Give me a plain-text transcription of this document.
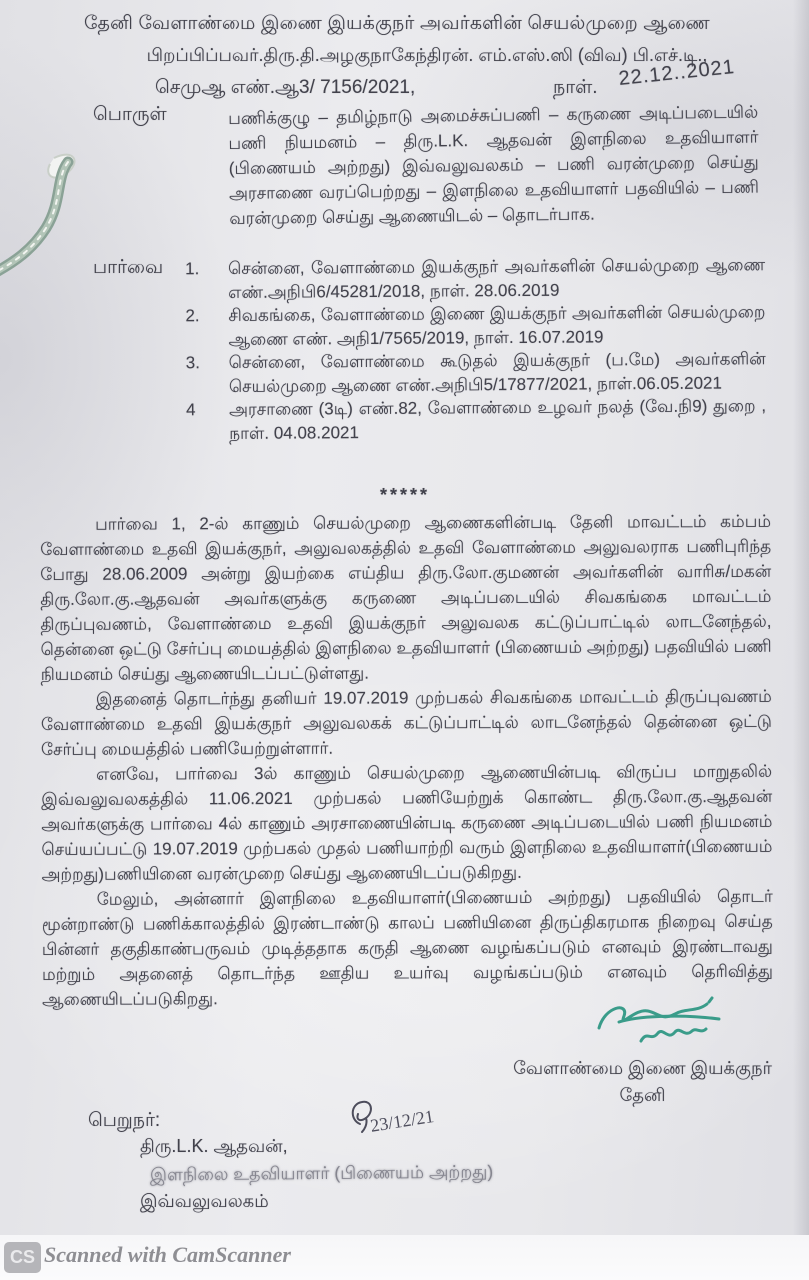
தேனி வேளாண்மை இணை இயக்குநர் அவர்களின் செயல்முறை ஆணை
பிறப்பிப்பவர்.திரு.தி.அழகுநாகேந்திரன். எம்.எஸ்.ஸி (விவ) பி.எச்.டி.,
செமுஆ எண்.ஆ3/ 7156/2021,	நாள். 22.12..2021
பொருள்	பணிக்குழு – தமிழ்நாடு அமைச்சுப்பணி – கருணை அடிப்படையில் பணி நியமனம் – திரு.L.K. ஆதவன் இளநிலை உதவியாளர் (பிணையம் அற்றது) இவ்வலுவலகம் – பணி வரன்முறை செய்து அரசாணை வரப்பெற்றது – இளநிலை உதவியாளர் பதவியில் – பணி வரன்முறை செய்து ஆணையிடல் – தொடர்பாக.
பார்வை 1. சென்னை, வேளாண்மை இயக்குநர் அவர்களின் செயல்முறை ஆணை எண்.அநிபி6/45281/2018, நாள். 28.06.2019
2. சிவகங்கை, வேளாண்மை இணை இயக்குநர் அவர்களின் செயல்முறை ஆணை எண். அநி1/7565/2019, நாள். 16.07.2019
3. சென்னை, வேளாண்மை கூடுதல் இயக்குநர் (ப.மே) அவர்களின் செயல்முறை ஆணை எண்.அநிபி5/17877/2021, நாள்.06.05.2021
4 அரசாணை (3டி) எண்.82, வேளாண்மை உழவர் நலத் (வே.நி9) துறை , நாள். 04.08.2021
*****

பார்வை 1, 2-ல் காணும் செயல்முறை ஆணைகளின்படி தேனி மாவட்டம் கம்பம் வேளாண்மை உதவி இயக்குநர், அலுவலகத்தில் உதவி வேளாண்மை அலுவலராக பணிபுரிந்த போது 28.06.2009 அன்று இயற்கை எய்திய திரு.லோ.குமணன் அவர்களின் வாரிசு/மகன் திரு.லோ.கு.ஆதவன் அவர்களுக்கு கருணை அடிப்படையில் சிவகங்கை மாவட்டம் திருப்புவணம், வேளாண்மை உதவி இயக்குநர் அலுவலக கட்டுப்பாட்டில் லாடனேந்தல், தென்னை ஒட்டு சேர்ப்பு மையத்தில் இளநிலை உதவியாளர் (பிணையம் அற்றது) பதவியில் பணி நியமனம் செய்து ஆணையிடப்பட்டுள்ளது.

இதனைத் தொடர்ந்து தனியர் 19.07.2019 முற்பகல் சிவகங்கை மாவட்டம் திருப்புவணம் வேளாண்மை உதவி இயக்குநர் அலுவலகக் கட்டுப்பாட்டில் லாடனேந்தல் தென்னை ஒட்டு சேர்ப்பு மையத்தில் பணியேற்றுள்ளார்.

எனவே, பார்வை 3ல் காணும் செயல்முறை ஆணையின்படி விருப்ப மாறுதலில் இவ்வலுவலகத்தில் 11.06.2021 முற்பகல் பணியேற்றுக் கொண்ட திரு.லோ.கு.ஆதவன் அவர்களுக்கு பார்வை 4ல் காணும் அரசாணையின்படி கருணை அடிப்படையில் பணி நியமனம் செய்யப்பட்டு 19.07.2019 முற்பகல் முதல் பணியாற்றி வரும் இளநிலை உதவியாளர்(பிணையம் அற்றது)பணியினை வரன்முறை செய்து ஆணையிடப்படுகிறது.

மேலும், அன்னார் இளநிலை உதவியாளர்(பிணையம் அற்றது) பதவியில் தொடர் மூன்றாண்டு பணிக்காலத்தில் இரண்டாண்டு காலப் பணியினை திருப்திகரமாக நிறைவு செய்த பின்னர் தகுதிகாண்பருவம் முடித்ததாக கருதி ஆணை வழங்கப்படும் எனவும் இரண்டாவது மற்றும் அதனைத் தொடர்ந்த ஊதிய உயர்வு வழங்கப்படும் எனவும் தெரிவித்து ஆணையிடப்படுகிறது.

வேளாண்மை இணை இயக்குநர்
தேனி
பெறுநர்:	23/12/21
திரு.L.K. ஆதவன்,
இளநிலை உதவியாளர் (பிணையம் அற்றது)
இவ்வலுவலகம்
CS Scanned with CamScanner
